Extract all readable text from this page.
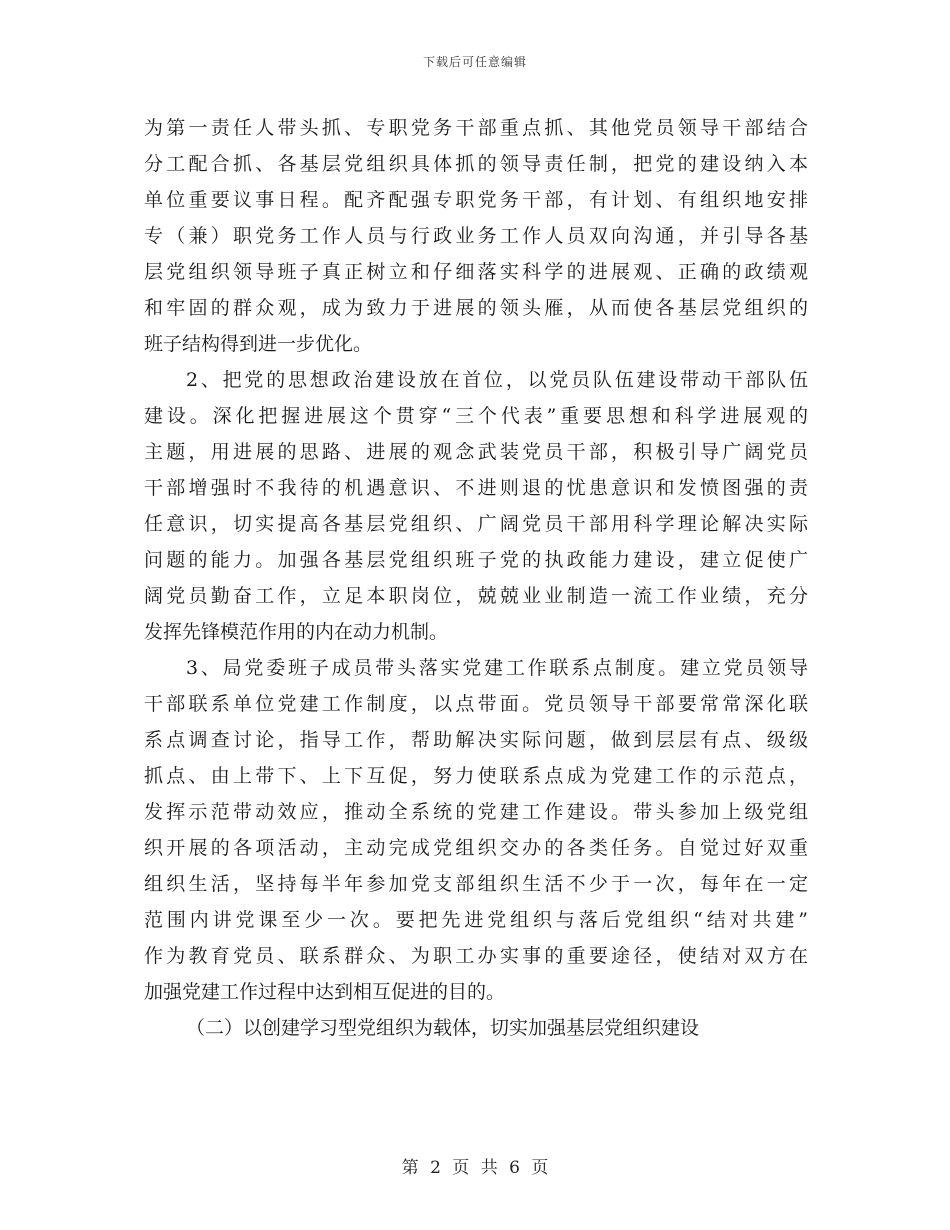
下载后可任意编辑
为第一责任人带头抓、专职党务干部重点抓、其他党员领导干部结合
分工配合抓、各基层党组织具体抓的领导责任制，把党的建设纳入本
单位重要议事日程。配齐配强专职党务干部，有计划、有组织地安排
专（兼）职党务工作人员与行政业务工作人员双向沟通，并引导各基
层党组织领导班子真正树立和仔细落实科学的进展观、正确的政绩观
和牢固的群众观，成为致力于进展的领头雁，从而使各基层党组织的
班子结构得到进一步优化。
2、把党的思想政治建设放在首位，以党员队伍建设带动干部队伍
建设。深化把握进展这个贯穿“三个代表”重要思想和科学进展观的
主题，用进展的思路、进展的观念武装党员干部，积极引导广阔党员
干部增强时不我待的机遇意识、不进则退的忧患意识和发愤图强的责
任意识，切实提高各基层党组织、广阔党员干部用科学理论解决实际
问题的能力。加强各基层党组织班子党的执政能力建设，建立促使广
阔党员勤奋工作，立足本职岗位，兢兢业业制造一流工作业绩，充分
发挥先锋模范作用的内在动力机制。
3、局党委班子成员带头落实党建工作联系点制度。建立党员领导
干部联系单位党建工作制度，以点带面。党员领导干部要常常深化联
系点调查讨论，指导工作，帮助解决实际问题，做到层层有点、级级
抓点、由上带下、上下互促，努力使联系点成为党建工作的示范点，
发挥示范带动效应，推动全系统的党建工作建设。带头参加上级党组
织开展的各项活动，主动完成党组织交办的各类任务。自觉过好双重
组织生活，坚持每半年参加党支部组织生活不少于一次，每年在一定
范围内讲党课至少一次。要把先进党组织与落后党组织“结对共建”
作为教育党员、联系群众、为职工办实事的重要途径，使结对双方在
加强党建工作过程中达到相互促进的目的。
（二）以创建学习型党组织为载体，切实加强基层党组织建设
第 2 页 共 6 页
